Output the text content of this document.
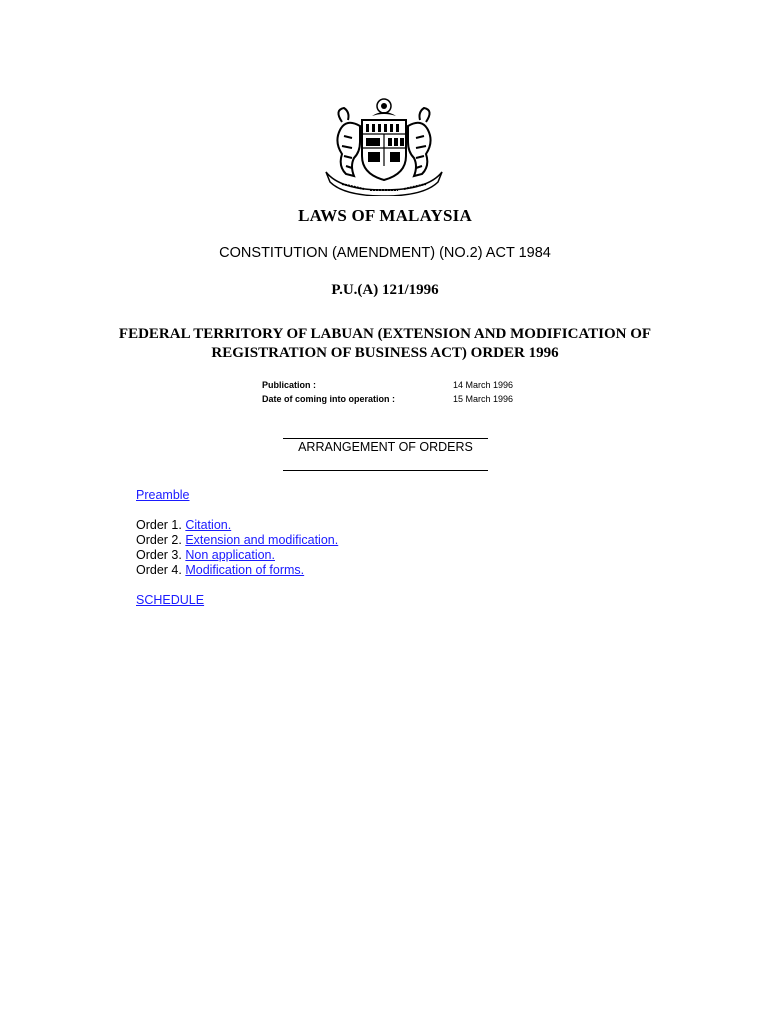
LAWS OF MALAYSIA
CONSTITUTION (AMENDMENT) (NO.2) ACT 1984
P.U.(A) 121/1996
FEDERAL TERRITORY OF LABUAN (EXTENSION AND MODIFICATION OF
REGISTRATION OF BUSINESS ACT) ORDER 1996
Publication :
Date of coming into operation :
14 March 1996
15 March 1996
ARRANGEMENT OF ORDERS
Preamble
Order 1. Citation.
Order 2. Extension and modification.
Order 3. Non application.
Order 4. Modification of forms.
SCHEDULE
